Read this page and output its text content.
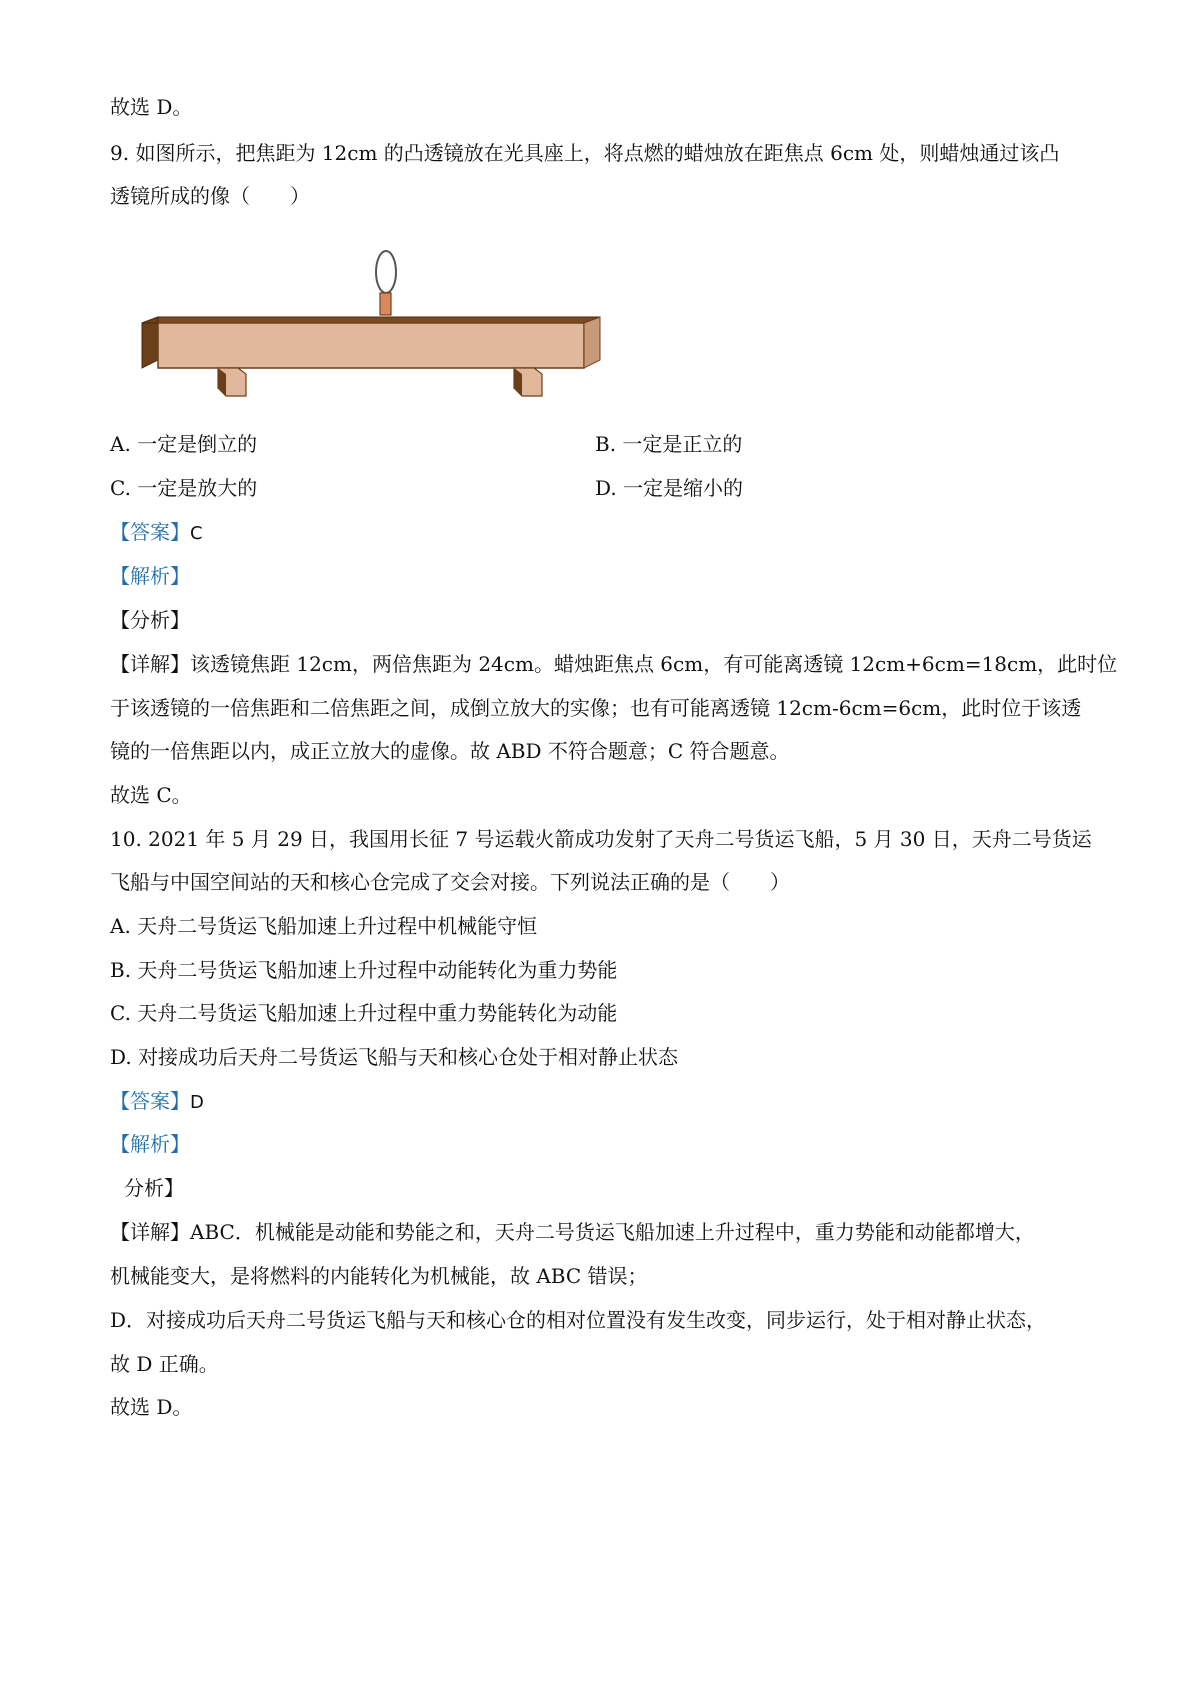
故选 D。
9. 如图所示，把焦距为 12cm 的凸透镜放在光具座上，将点燃的蜡烛放在距焦点 6cm 处，则蜡烛通过该凸
透镜所成的像（　　）
A. 一定是倒立的	B. 一定是正立的
C. 一定是放大的	D. 一定是缩小的
【答案】C
【解析】
【分析】
【详解】该透镜焦距 12cm，两倍焦距为 24cm。蜡烛距焦点 6cm，有可能离透镜 12cm+6cm=18cm，此时位
于该透镜的一倍焦距和二倍焦距之间，成倒立放大的实像；也有可能离透镜 12cm-6cm=6cm，此时位于该透
镜的一倍焦距以内，成正立放大的虚像。故 ABD 不符合题意；C 符合题意。
故选 C。
10. 2021 年 5 月 29 日，我国用长征 7 号运载火箭成功发射了天舟二号货运飞船，5 月 30 日，天舟二号货运
飞船与中国空间站的天和核心仓完成了交会对接。下列说法正确的是（　　）
A. 天舟二号货运飞船加速上升过程中机械能守恒
B. 天舟二号货运飞船加速上升过程中动能转化为重力势能
C. 天舟二号货运飞船加速上升过程中重力势能转化为动能
D. 对接成功后天舟二号货运飞船与天和核心仓处于相对静止状态
【答案】D
【解析】
分析】
【详解】ABC．机械能是动能和势能之和，天舟二号货运飞船加速上升过程中，重力势能和动能都增大，
机械能变大，是将燃料的内能转化为机械能，故 ABC 错误；
D．对接成功后天舟二号货运飞船与天和核心仓的相对位置没有发生改变，同步运行，处于相对静止状态，
故 D 正确。
故选 D。
